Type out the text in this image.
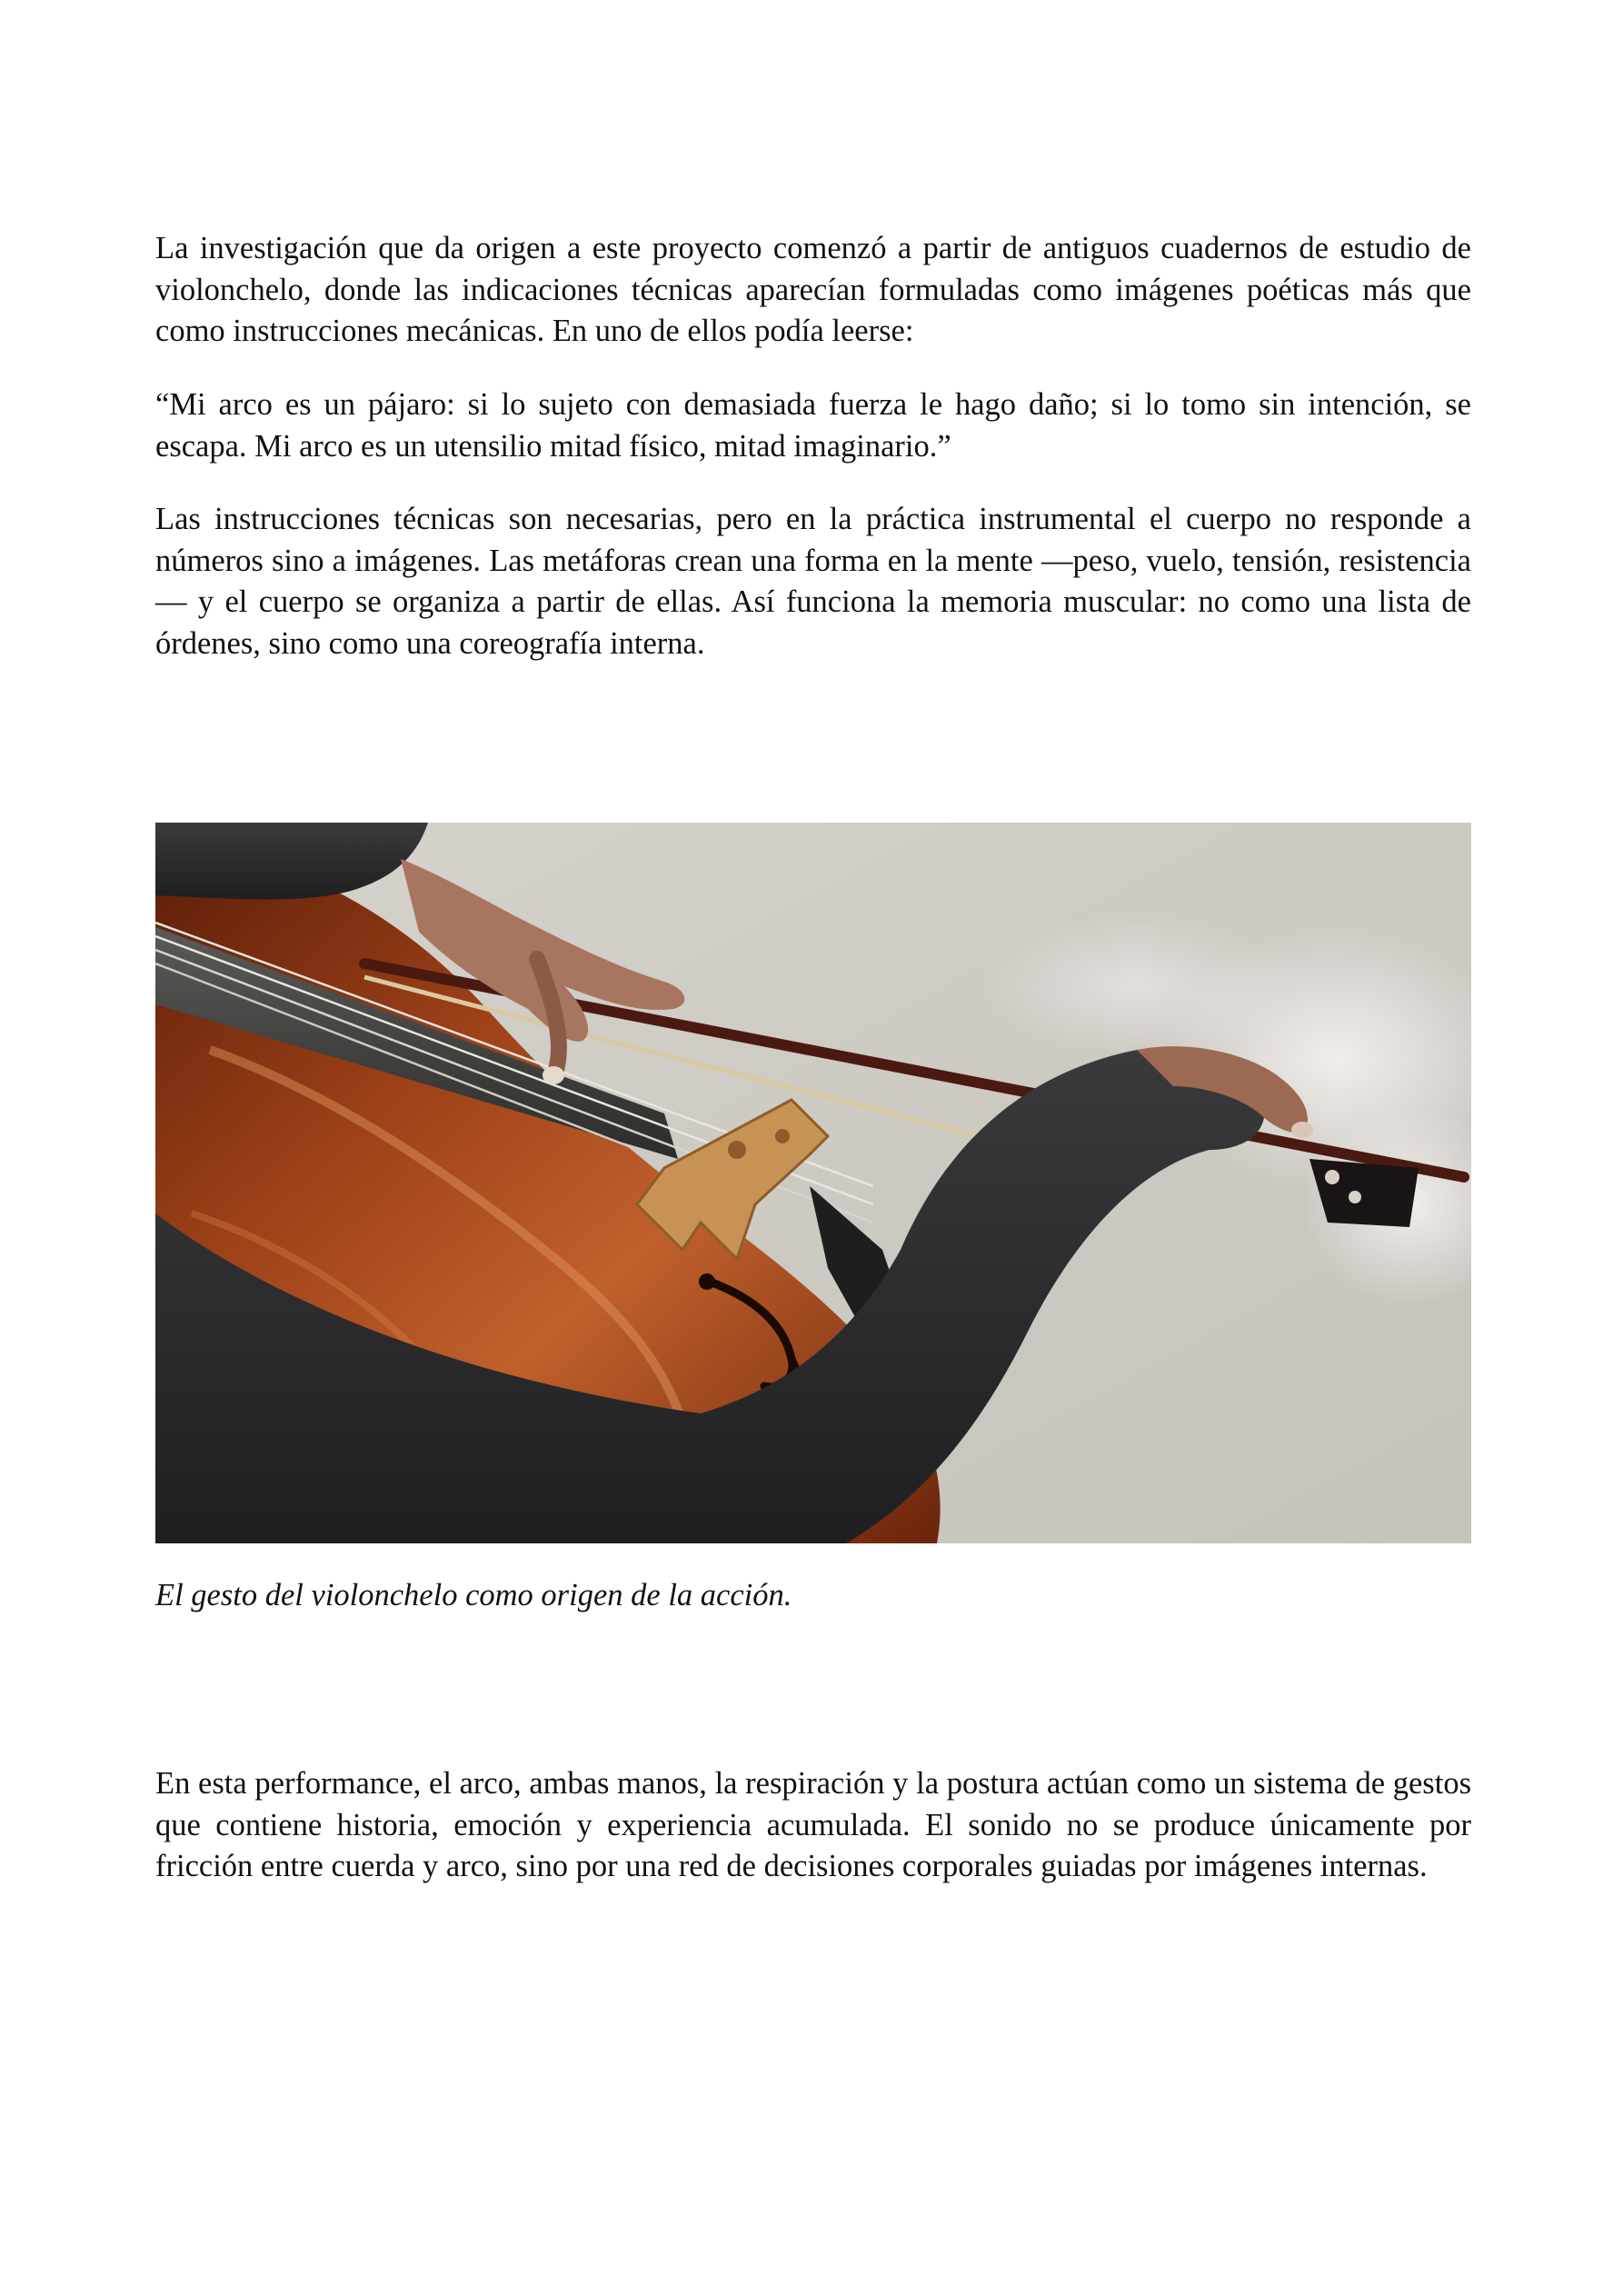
La investigación que da origen a este proyecto comenzó a partir de antiguos cuadernos de estudio de violonchelo, donde las indicaciones técnicas aparecían formuladas como imágenes poéticas más que como instrucciones mecánicas. En uno de ellos podía leerse:

“Mi arco es un pájaro: si lo sujeto con demasiada fuerza le hago daño; si lo tomo sin intención, se escapa. Mi arco es un utensilio mitad físico, mitad imaginario.”

Las instrucciones técnicas son necesarias, pero en la práctica instrumental el cuerpo no responde a números sino a imágenes. Las metáforas crean una forma en la mente —peso, vuelo, tensión, resistencia— y el cuerpo se organiza a partir de ellas. Así funciona la memoria muscular: no como una lista de órdenes, sino como una coreografía interna.

El gesto del violonchelo como origen de la acción.

En esta performance, el arco, ambas manos, la respiración y la postura actúan como un sistema de gestos que contiene historia, emoción y experiencia acumulada. El sonido no se produce únicamente por fricción entre cuerda y arco, sino por una red de decisiones corporales guiadas por imágenes internas.
